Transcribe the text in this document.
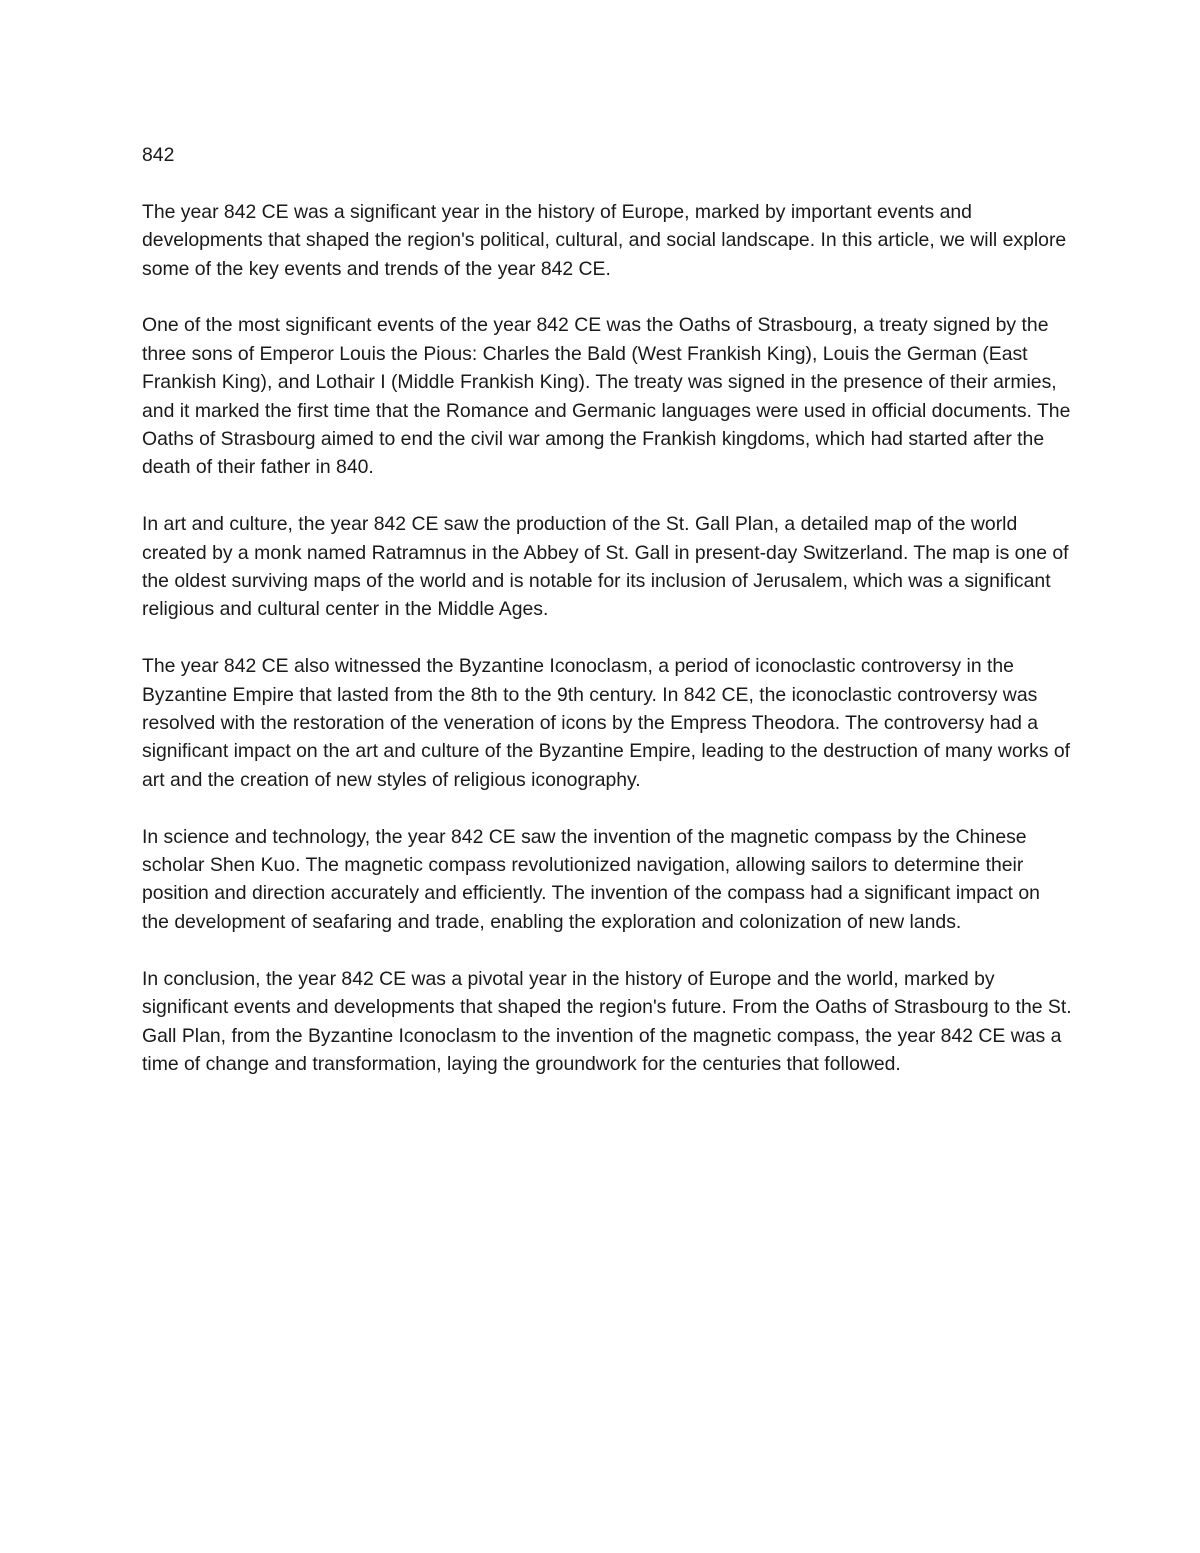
842

The year 842 CE was a significant year in the history of Europe, marked by important events and developments that shaped the region's political, cultural, and social landscape. In this article, we will explore some of the key events and trends of the year 842 CE.

One of the most significant events of the year 842 CE was the Oaths of Strasbourg, a treaty signed by the three sons of Emperor Louis the Pious: Charles the Bald (West Frankish King), Louis the German (East Frankish King), and Lothair I (Middle Frankish King). The treaty was signed in the presence of their armies, and it marked the first time that the Romance and Germanic languages were used in official documents. The Oaths of Strasbourg aimed to end the civil war among the Frankish kingdoms, which had started after the death of their father in 840.

In art and culture, the year 842 CE saw the production of the St. Gall Plan, a detailed map of the world created by a monk named Ratramnus in the Abbey of St. Gall in present-day Switzerland. The map is one of the oldest surviving maps of the world and is notable for its inclusion of Jerusalem, which was a significant religious and cultural center in the Middle Ages.

The year 842 CE also witnessed the Byzantine Iconoclasm, a period of iconoclastic controversy in the Byzantine Empire that lasted from the 8th to the 9th century. In 842 CE, the iconoclastic controversy was resolved with the restoration of the veneration of icons by the Empress Theodora. The controversy had a significant impact on the art and culture of the Byzantine Empire, leading to the destruction of many works of art and the creation of new styles of religious iconography.

In science and technology, the year 842 CE saw the invention of the magnetic compass by the Chinese scholar Shen Kuo. The magnetic compass revolutionized navigation, allowing sailors to determine their position and direction accurately and efficiently. The invention of the compass had a significant impact on the development of seafaring and trade, enabling the exploration and colonization of new lands.

In conclusion, the year 842 CE was a pivotal year in the history of Europe and the world, marked by significant events and developments that shaped the region's future. From the Oaths of Strasbourg to the St. Gall Plan, from the Byzantine Iconoclasm to the invention of the magnetic compass, the year 842 CE was a time of change and transformation, laying the groundwork for the centuries that followed.
